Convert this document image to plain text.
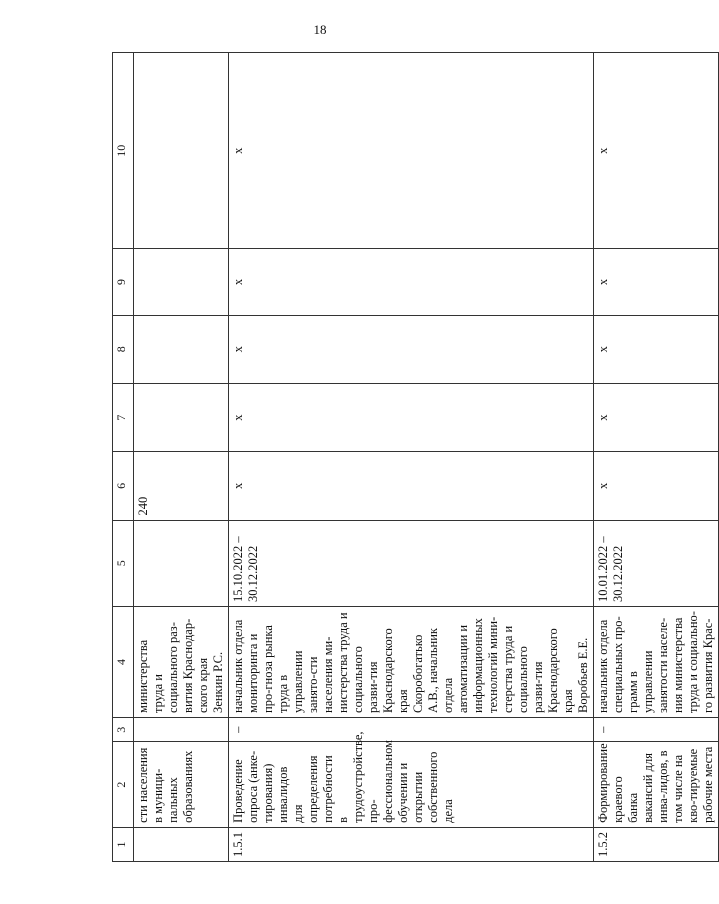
18
1	2	3	4	5	6	7	8	9	10
	сти населения в муници-пальных образованиях		министерства труда и социального раз-вития Краснодар-ского края Зенкин Р.С.		240				
1.5.1	Проведение опроса (анке-тирования) инвалидов для определения потребности в трудоустройстве, про-фессиональном обучении и открытии собственного дела	–	начальник отдела мониторинга и про-гноза рынка труда в управлении занято-сти населения ми-нистерства труда и социального разви-тия Краснодарского края Скоробогатько А.В., начальник отдела автоматизации и информационных технологий мини-стерства труда и социального разви-тия Краснодарского края Воробьев Е.Е.	15.10.2022 – 30.12.2022	х	х	х	х	х
1.5.2	Формирование краевого банка вакансий для инва-лидов, в том числе на кво-тируемые рабочие места	–	начальник отдела специальных про-грамм в управлении занятости населе-ния министерства труда и социально-го развития Крас-	10.01.2022 – 30.12.2022	х	х	х	х	х
